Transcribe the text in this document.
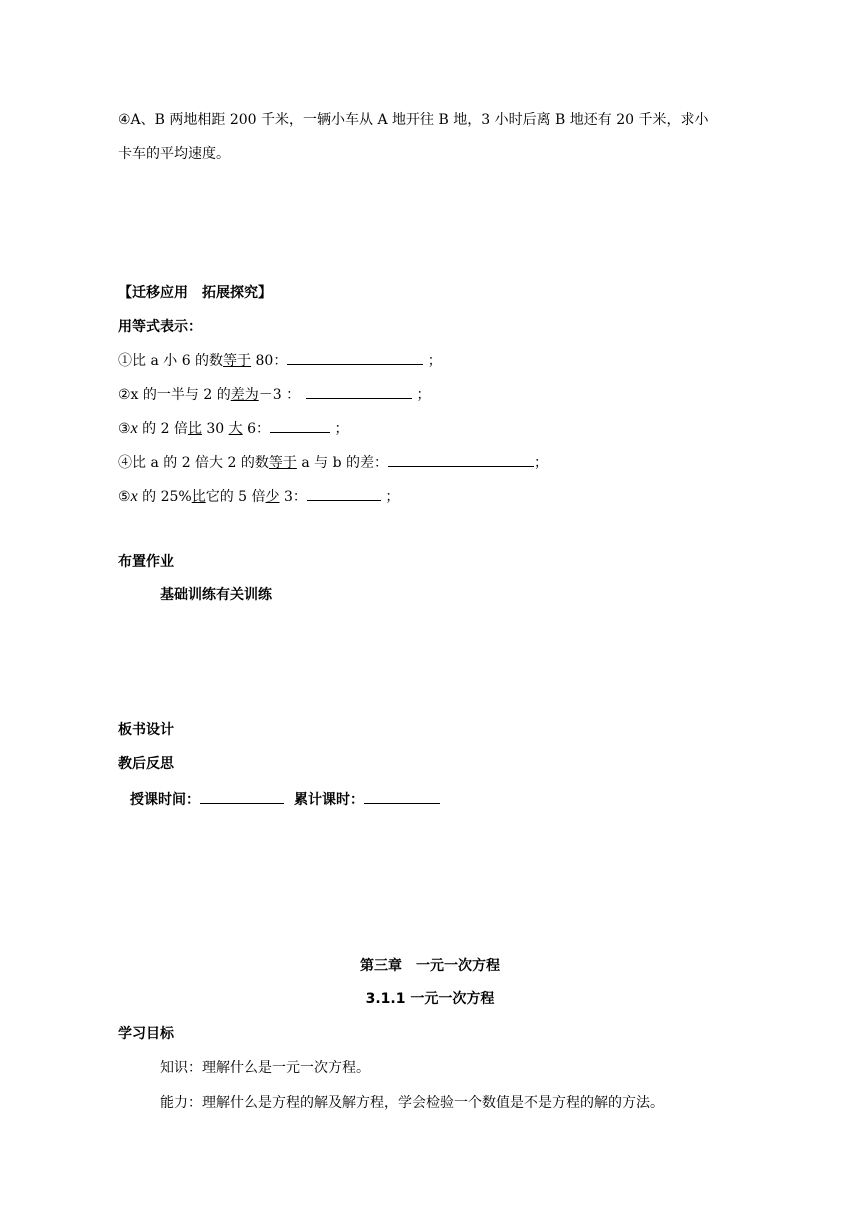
④A、B 两地相距 200 千米，一辆小车从 A 地开往 B 地，3 小时后离 B 地还有 20 千米，求小
卡车的平均速度。
【迁移应用　拓展探究】
用等式表示：
①比 a 小 6 的数等于 80：	；
②x 的一半与 2 的差为－3 ：	；
③x 的 2 倍比 30 大 6：	；
④比 a 的 2 倍大 2 的数等于 a 与 b 的差：	；
⑤x 的 25%比它的 5 倍少 3：	；
布置作业
基础训练有关训练
板书设计
教后反思
授课时间：	累计课时：
第三章　一元一次方程
3.1.1 一元一次方程
学习目标
知识：理解什么是一元一次方程。
能力：理解什么是方程的解及解方程，学会检验一个数值是不是方程的解的方法。
